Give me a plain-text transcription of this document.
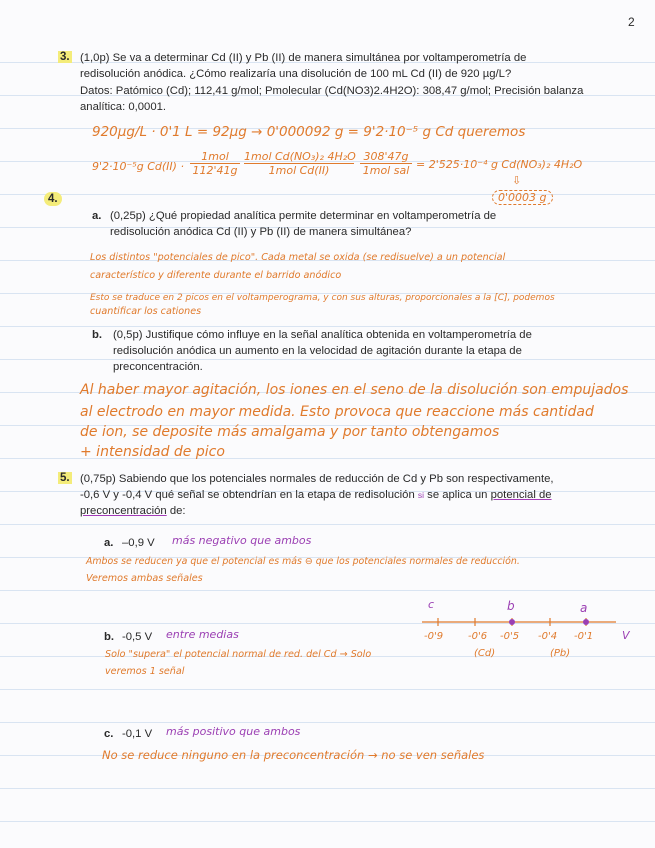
2
3. (1,0p) Se va a determinar Cd (II) y Pb (II) de manera simultánea por voltamperometría de
redisolución anódica. ¿Cómo realizaría una disolución de 100 mL Cd (II) de 920 µg/L?
Datos: Patómico (Cd); 112,41 g/mol; Pmolecular (Cd(NO3)2.4H2O): 308,47 g/mol; Precisión balanza
analítica: 0,0001.
920µg/L · 0'1 L = 92µg → 0'000092 g = 9'2·10⁻⁵ g Cd queremos
9'2·10⁻⁵g Cd(II) ·
1mol
112'41g
1mol Cd(NO₃)₂ 4H₂O
1mol Cd(II)
308'47g
1mol sal = 2'525·10⁻⁴ g Cd(NO₃)₂ 4H₂O
⇩
0'0003 g
4.
a. (0,25p) ¿Qué propiedad analítica permite determinar en voltamperometría de
redisolución anódica Cd (II) y Pb (II) de manera simultánea?
Los distintos "potenciales de pico". Cada metal se oxida (se redisuelve) a un potencial
característico y diferente durante el barrido anódico
Esto se traduce en 2 picos en el voltamperograma, y con sus alturas, proporcionales a la [C], podemos
cuantificar los cationes
b. (0,5p) Justifique cómo influye en la señal analítica obtenida en voltamperometría de
redisolución anódica un aumento en la velocidad de agitación durante la etapa de
preconcentración.
Al haber mayor agitación, los iones en el seno de la disolución son empujados
al electrodo en mayor medida. Esto provoca que reaccione más cantidad
de ion, se deposite más amalgama y por tanto obtengamos
+ intensidad de pico
5. (0,75p) Sabiendo que los potenciales normales de reducción de Cd y Pb son respectivamente,
-0,6 V y -0,4 V qué señal se obtendrían en la etapa de redisolución si se aplica un potencial de
preconcentración de:
a. –0,9 V más negativo que ambos
Ambos se reducen ya que el potencial es más ⊖ que los potenciales normales de reducción.
Veremos ambas señales
c	b	a
-0'9 -0'6 -0'5 -0'4 -0'1
(Cd)	(Pb)
V
b. -0,5 V entre medias
Solo "supera" el potencial normal de red. del Cd → Solo
veremos 1 señal
c. -0,1 V más positivo que ambos
No se reduce ninguno en la preconcentración → no se ven señales
